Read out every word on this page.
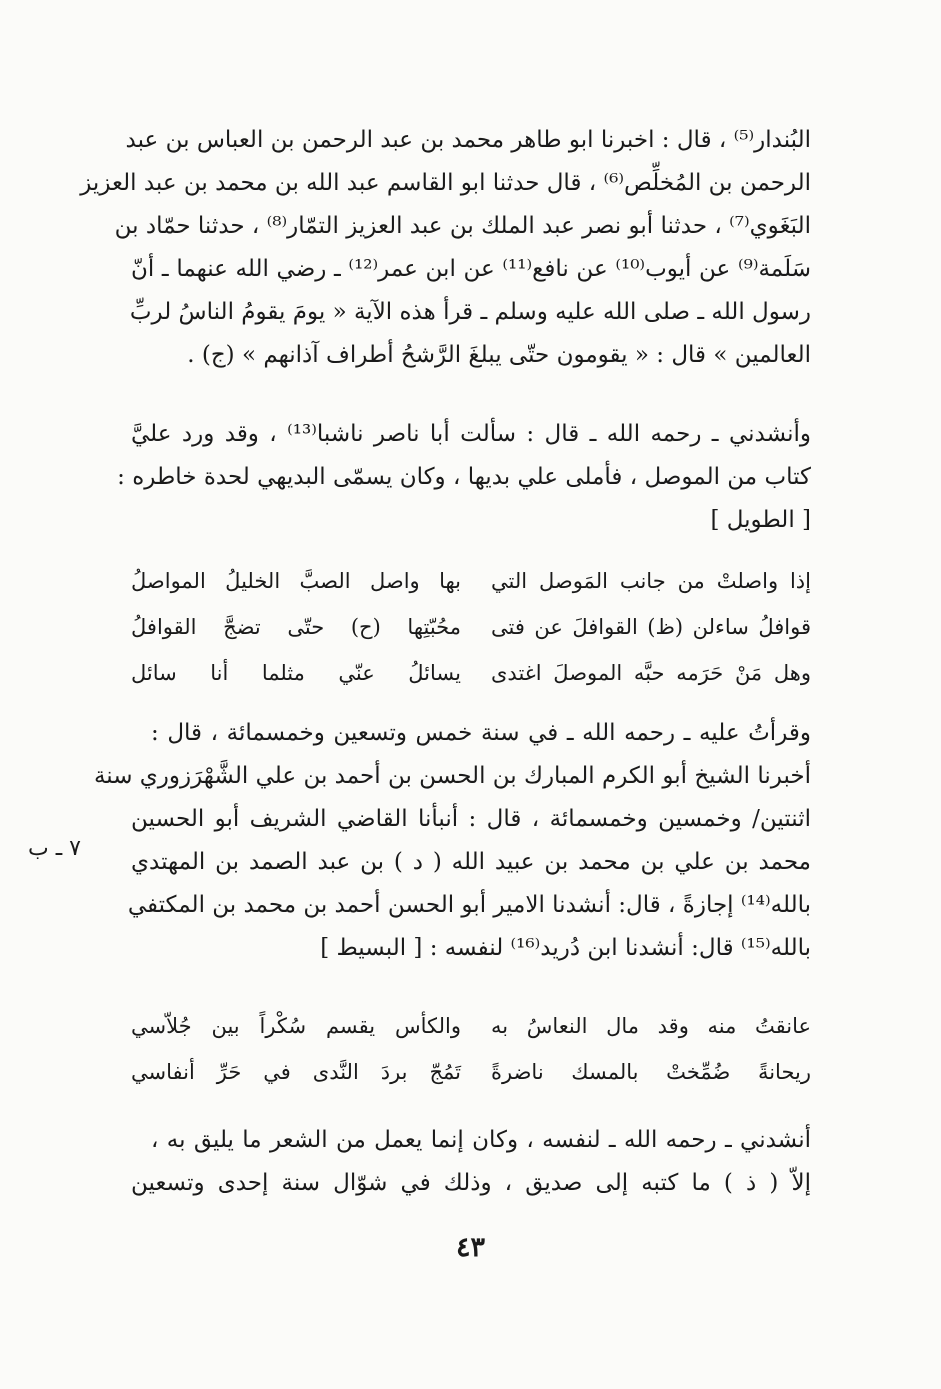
البُندار⁽⁵⁾ ، قال : اخبرنا ابو طاهر محمد بن عبد الرحمن بن العباس بن عبد
الرحمن بن المُخلِّص⁽⁶⁾ ، قال حدثنا ابو القاسم عبد الله بن محمد بن عبد العزيز
البَغَوي⁽⁷⁾ ، حدثنا أبو نصر عبد الملك بن عبد العزيز التمّار⁽⁸⁾ ، حدثنا حمّاد بن
سَلَمة⁽⁹⁾ عن أيوب⁽¹⁰⁾ عن نافع⁽¹¹⁾ عن ابن عمر⁽¹²⁾ ـ رضي الله عنهما ـ أنّ
رسول الله ـ صلى الله عليه وسلم ـ قرأ هذه الآية « يومَ يقومُ الناسُ لربِّ
العالمين » قال : « يقومون حتّى يبلغَ الرَّشحُ أطراف آذانهم » (ج) .
وأنشدني ـ رحمه الله ـ قال : سألت أبا ناصر ناشبا⁽¹³⁾ ، وقد ورد عليَّ
كتاب من الموصل ، فأملى علي بديها ، وكان يسمّى البديهي لحدة خاطره :
[ الطويل ]
إذا واصلتْ من جانب المَوصل التي
بها واصل الصبَّ الخليلُ المواصلُ
قوافلُ ساءلن (ظ) القوافلَ عن فتى
محُبّتِها (ح) حتّى تضجَّ القوافلُ
وهل مَنْ حَرَمه حبَّه الموصلَ اغتدى
يسائلُ عنّي مثلما أنا سائل
وقرأتُ عليه ـ رحمه الله ـ في سنة خمس وتسعين وخمسمائة ، قال :
أخبرنا الشيخ أبو الكرم المبارك بن الحسن بن أحمد بن علي الشَّهْرَزوري سنة
اثنتين/ وخمسين وخمسمائة ، قال : أنبأنا القاضي الشريف أبو الحسين
محمد بن علي بن محمد بن عبيد الله ( د ) بن عبد الصمد بن المهتدي
بالله⁽¹⁴⁾ إجازةً ، قال: أنشدنا الامير أبو الحسن أحمد بن محمد بن المكتفي
بالله⁽¹⁵⁾ قال: أنشدنا ابن دُريد⁽¹⁶⁾ لنفسه : [ البسيط ]
٧ ـ ب
عانقتُ منه وقد مال النعاسُ به
والكأس يقسم سُكْراً بين جُلاّسي
ريحانةً ضُمِّختْ بالمسك ناضرةً
تَمُجّ بردَ النَّدى في حَرِّ أنفاسي
أنشدني ـ رحمه الله ـ لنفسه ، وكان إنما يعمل من الشعر ما يليق به ،
إلاّ ( ذ ) ما كتبه إلى صديق ، وذلك في شوّال سنة إحدى وتسعين
٤٣
